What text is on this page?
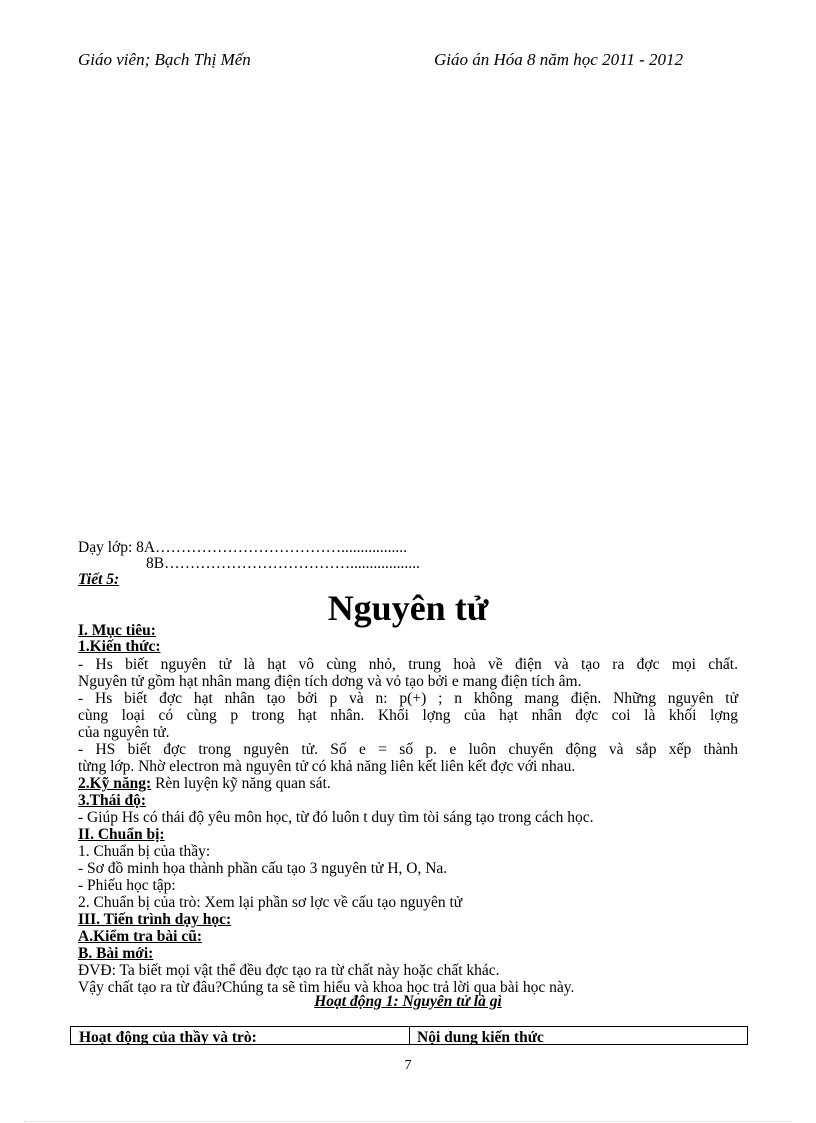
Giáo viên; Bạch Thị Mến	Giáo án Hóa 8 năm học 2011 - 2012
Dạy lớp: 8A……………………………….................
8B………………………………..................
Tiết 5:
Nguyên tử
I. Mục tiêu:
1.Kiến thức:
- Hs biết nguyên tử là hạt vô cùng nhỏ, trung hoà về điện và tạo ra đợc mọi chất.
Nguyên tử gồm hạt nhân mang điện tích dơng và vỏ tạo bởi e mang điện tích âm.
- Hs biết đợc hạt nhân tạo bởi p và n: p(+) ; n không mang điện. Những nguyên tử
cùng loại có cùng p trong hạt nhân. Khối lợng của hạt nhân đợc coi là khối lợng
của nguyên tử.
- HS biết đợc trong nguyên tử. Số e = số p. e luôn chuyển động và sắp xếp thành
từng lớp. Nhờ electron mà nguyên tử có khả năng liên kết liên kết đợc với nhau.
2.Kỹ năng: Rèn luyện kỹ năng quan sát.
3.Thái độ:
- Giúp Hs có thái độ yêu môn học, từ đó luôn t duy tìm tòi sáng tạo trong cách học.
II. Chuẩn bị:
1. Chuẩn bị của thầy:
- Sơ đồ minh họa thành phần cấu tạo 3 nguyên tử H, O, Na.
- Phiếu học tập:
2. Chuẩn bị của trò: Xem lại phần sơ lợc về cấu tạo nguyên tử
III. Tiến trình dạy học:
A.Kiểm tra bài cũ:
B. Bài mới:
ĐVĐ: Ta biết mọi vật thể đều đợc tạo ra từ chất này hoặc chất khác.
Vậy chất tạo ra từ đâu?Chúng ta sẽ tìm hiểu và khoa học trả lời qua bài học này.
Hoạt động 1: Nguyên tử là gì
Hoạt động của thầy và trò:	Nội dung kiến thức
7
